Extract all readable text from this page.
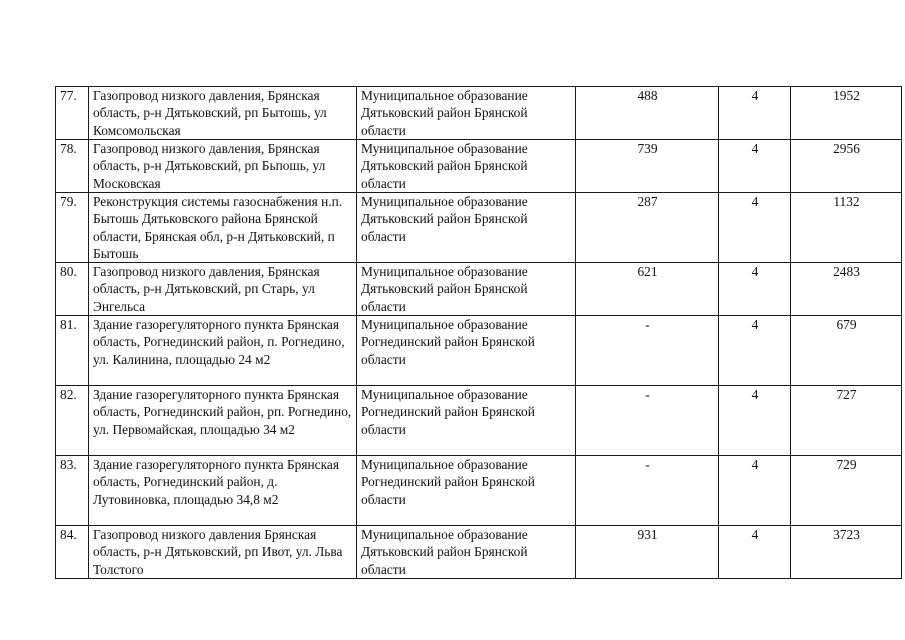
77.	Газопровод низкого давления, Брянская область, р-н Дятьковский, рп Бытошь, ул Комсомольская	Муниципальное образование Дятьковский район Брянской области	488	4	1952
78.	Газопровод низкого давления, Брянская область, р-н Дятьковский, рп Бьпошь, ул Московская	Муниципальное образование Дятьковский район Брянской области	739	4	2956
79.	Реконструкция системы газоснабжения н.п. Бытошь Дятьковского района Брянской области, Брянская обл, р-н Дятьковский, п Бытошь	Муниципальное образование Дятьковский район Брянской области	287	4	1132
80.	Газопровод низкого давления, Брянская область, р-н Дятьковский, рп Старь, ул Энгельса	Муниципальное образование Дятьковский район Брянской области	621	4	2483
81.	Здание газорегуляторного пункта Брянская область, Рогнединский район, п. Рогнедино, ул. Калинина, площадью 24 м2	Муниципальное образование Рогнединский район Брянской области	-	4	679
82.	Здание газорегуляторного пункта Брянская область, Рогнединский район, рп. Рогнедино, ул. Первомайская, площадью 34 м2	Муниципальное образование Рогнединский район Брянской области	-	4	727
83.	Здание газорегуляторного пункта Брянская область, Рогнединский район, д. Лутовиновка, площадью 34,8 м2	Муниципальное образование Рогнединский район Брянской области	-	4	729
84.	Газопровод низкого давления Брянская область, р-н Дятьковский, рп Ивот, ул. Льва Толстого	Муниципальное образование Дятьковский район Брянской области	931	4	3723
